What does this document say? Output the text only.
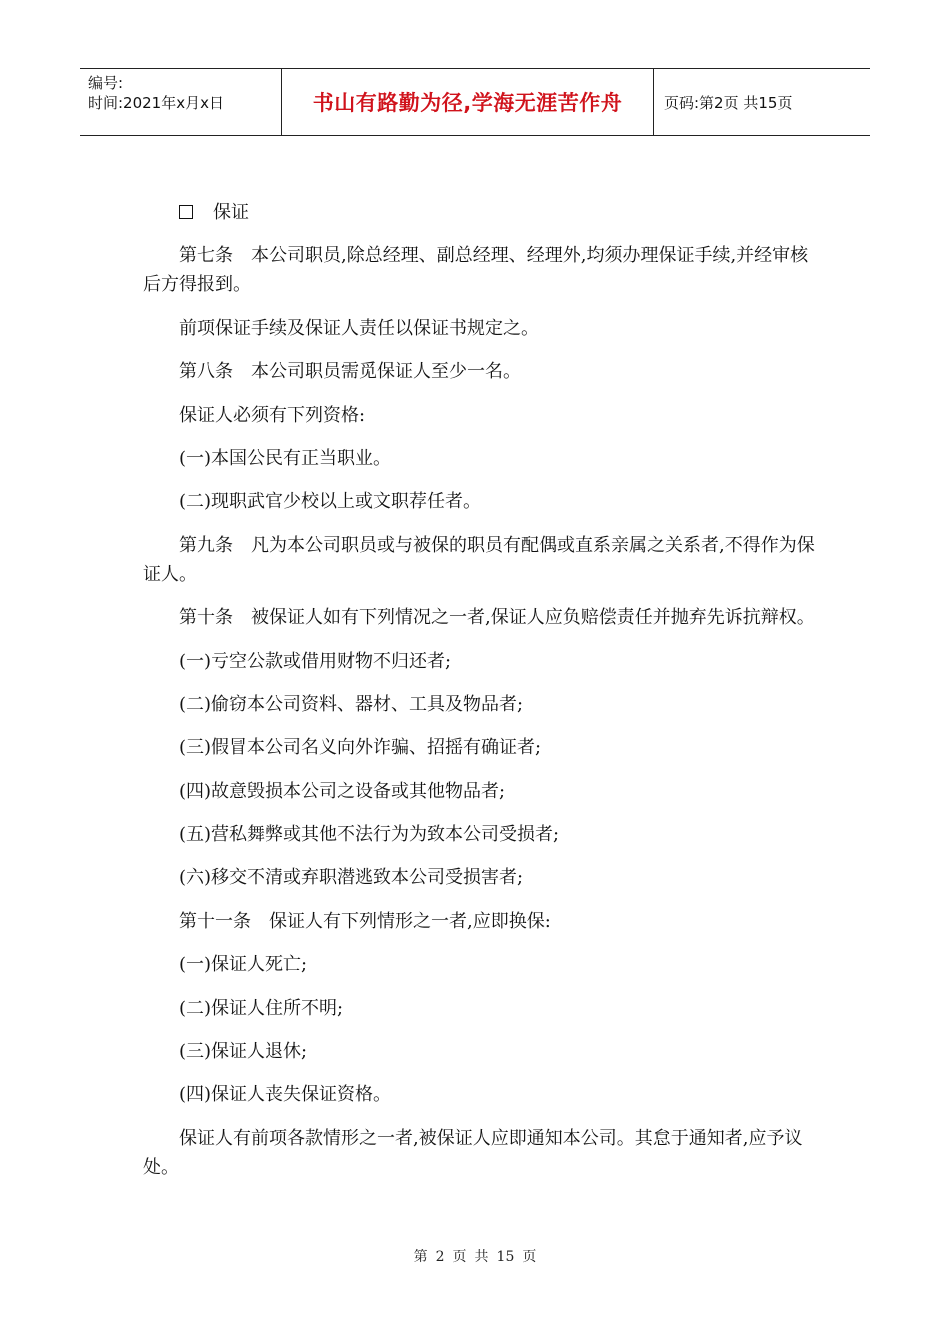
编号:
时间:2021年x月x日	书山有路勤为径,学海无涯苦作舟	页码:第2页 共15页
保证
第七条 本公司职员,除总经理、副总经理、经理外,均须办理保证手续,并经审核后方得报到。
前项保证手续及保证人责任以保证书规定之。
第八条 本公司职员需觅保证人至少一名。
保证人必须有下列资格:
(一)本国公民有正当职业。
(二)现职武官少校以上或文职荐任者。
第九条 凡为本公司职员或与被保的职员有配偶或直系亲属之关系者,不得作为保证人。
第十条 被保证人如有下列情况之一者,保证人应负赔偿责任并抛弃先诉抗辩权。
(一)亏空公款或借用财物不归还者;
(二)偷窃本公司资料、器材、工具及物品者;
(三)假冒本公司名义向外诈骗、招摇有确证者;
(四)故意毁损本公司之设备或其他物品者;
(五)营私舞弊或其他不法行为为致本公司受损者;
(六)移交不清或弃职潜逃致本公司受损害者;
第十一条 保证人有下列情形之一者,应即换保:
(一)保证人死亡;
(二)保证人住所不明;
(三)保证人退休;
(四)保证人丧失保证资格。
保证人有前项各款情形之一者,被保证人应即通知本公司。其怠于通知者,应予议处。
第 2 页 共 15 页
